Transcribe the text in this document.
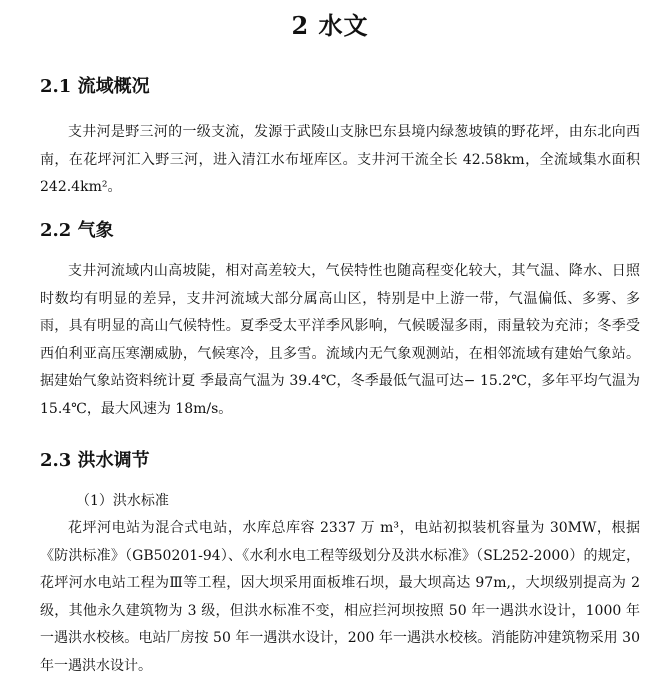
2 水文
2.1 流域概况

支井河是野三河的一级支流，发源于武陵山支脉巴东县境内绿葱坡镇的野花坪，由东北向西南，在花坪河汇入野三河，进入清江水布垭库区。支井河干流全长 42.58km，全流域集水面积 242.4km²。

2.2 气象

支井河流域内山高坡陡，相对高差较大，气侯特性也随高程变化较大，其气温、降水、日照时数均有明显的差异，支井河流域大部分属高山区，特别是中上游一带，气温偏低、多雾、多雨，具有明显的高山气候特性。夏季受太平洋季风影响，气候暖湿多雨，雨量较为充沛；冬季受西伯利亚高压寒潮威胁，气候寒冷，且多雪。流域内无气象观测站，在相邻流域有建始气象站。据建始气象站资料统计夏 季最高气温为 39.4℃，冬季最低气温可达− 15.2℃，多年平均气温为 15.4℃，最大风速为 18m/s。

2.3 洪水调节

（1）洪水标准

花坪河电站为混合式电站，水库总库容 2337 万 m³，电站初拟装机容量为 30MW，根据《防洪标准》（GB50201-94）、《水利水电工程等级划分及洪水标准》（SL252-2000）的规定，花坪河水电站工程为Ⅲ等工程，因大坝采用面板堆石坝，最大坝高达 97m,，大坝级别提高为 2 级，其他永久建筑物为 3 级，但洪水标准不变，相应拦河坝按照 50 年一遇洪水设计，1000 年一遇洪水校核。电站厂房按 50 年一遇洪水设计，200 年一遇洪水校核。消能防冲建筑物采用 30 年一遇洪水设计。
